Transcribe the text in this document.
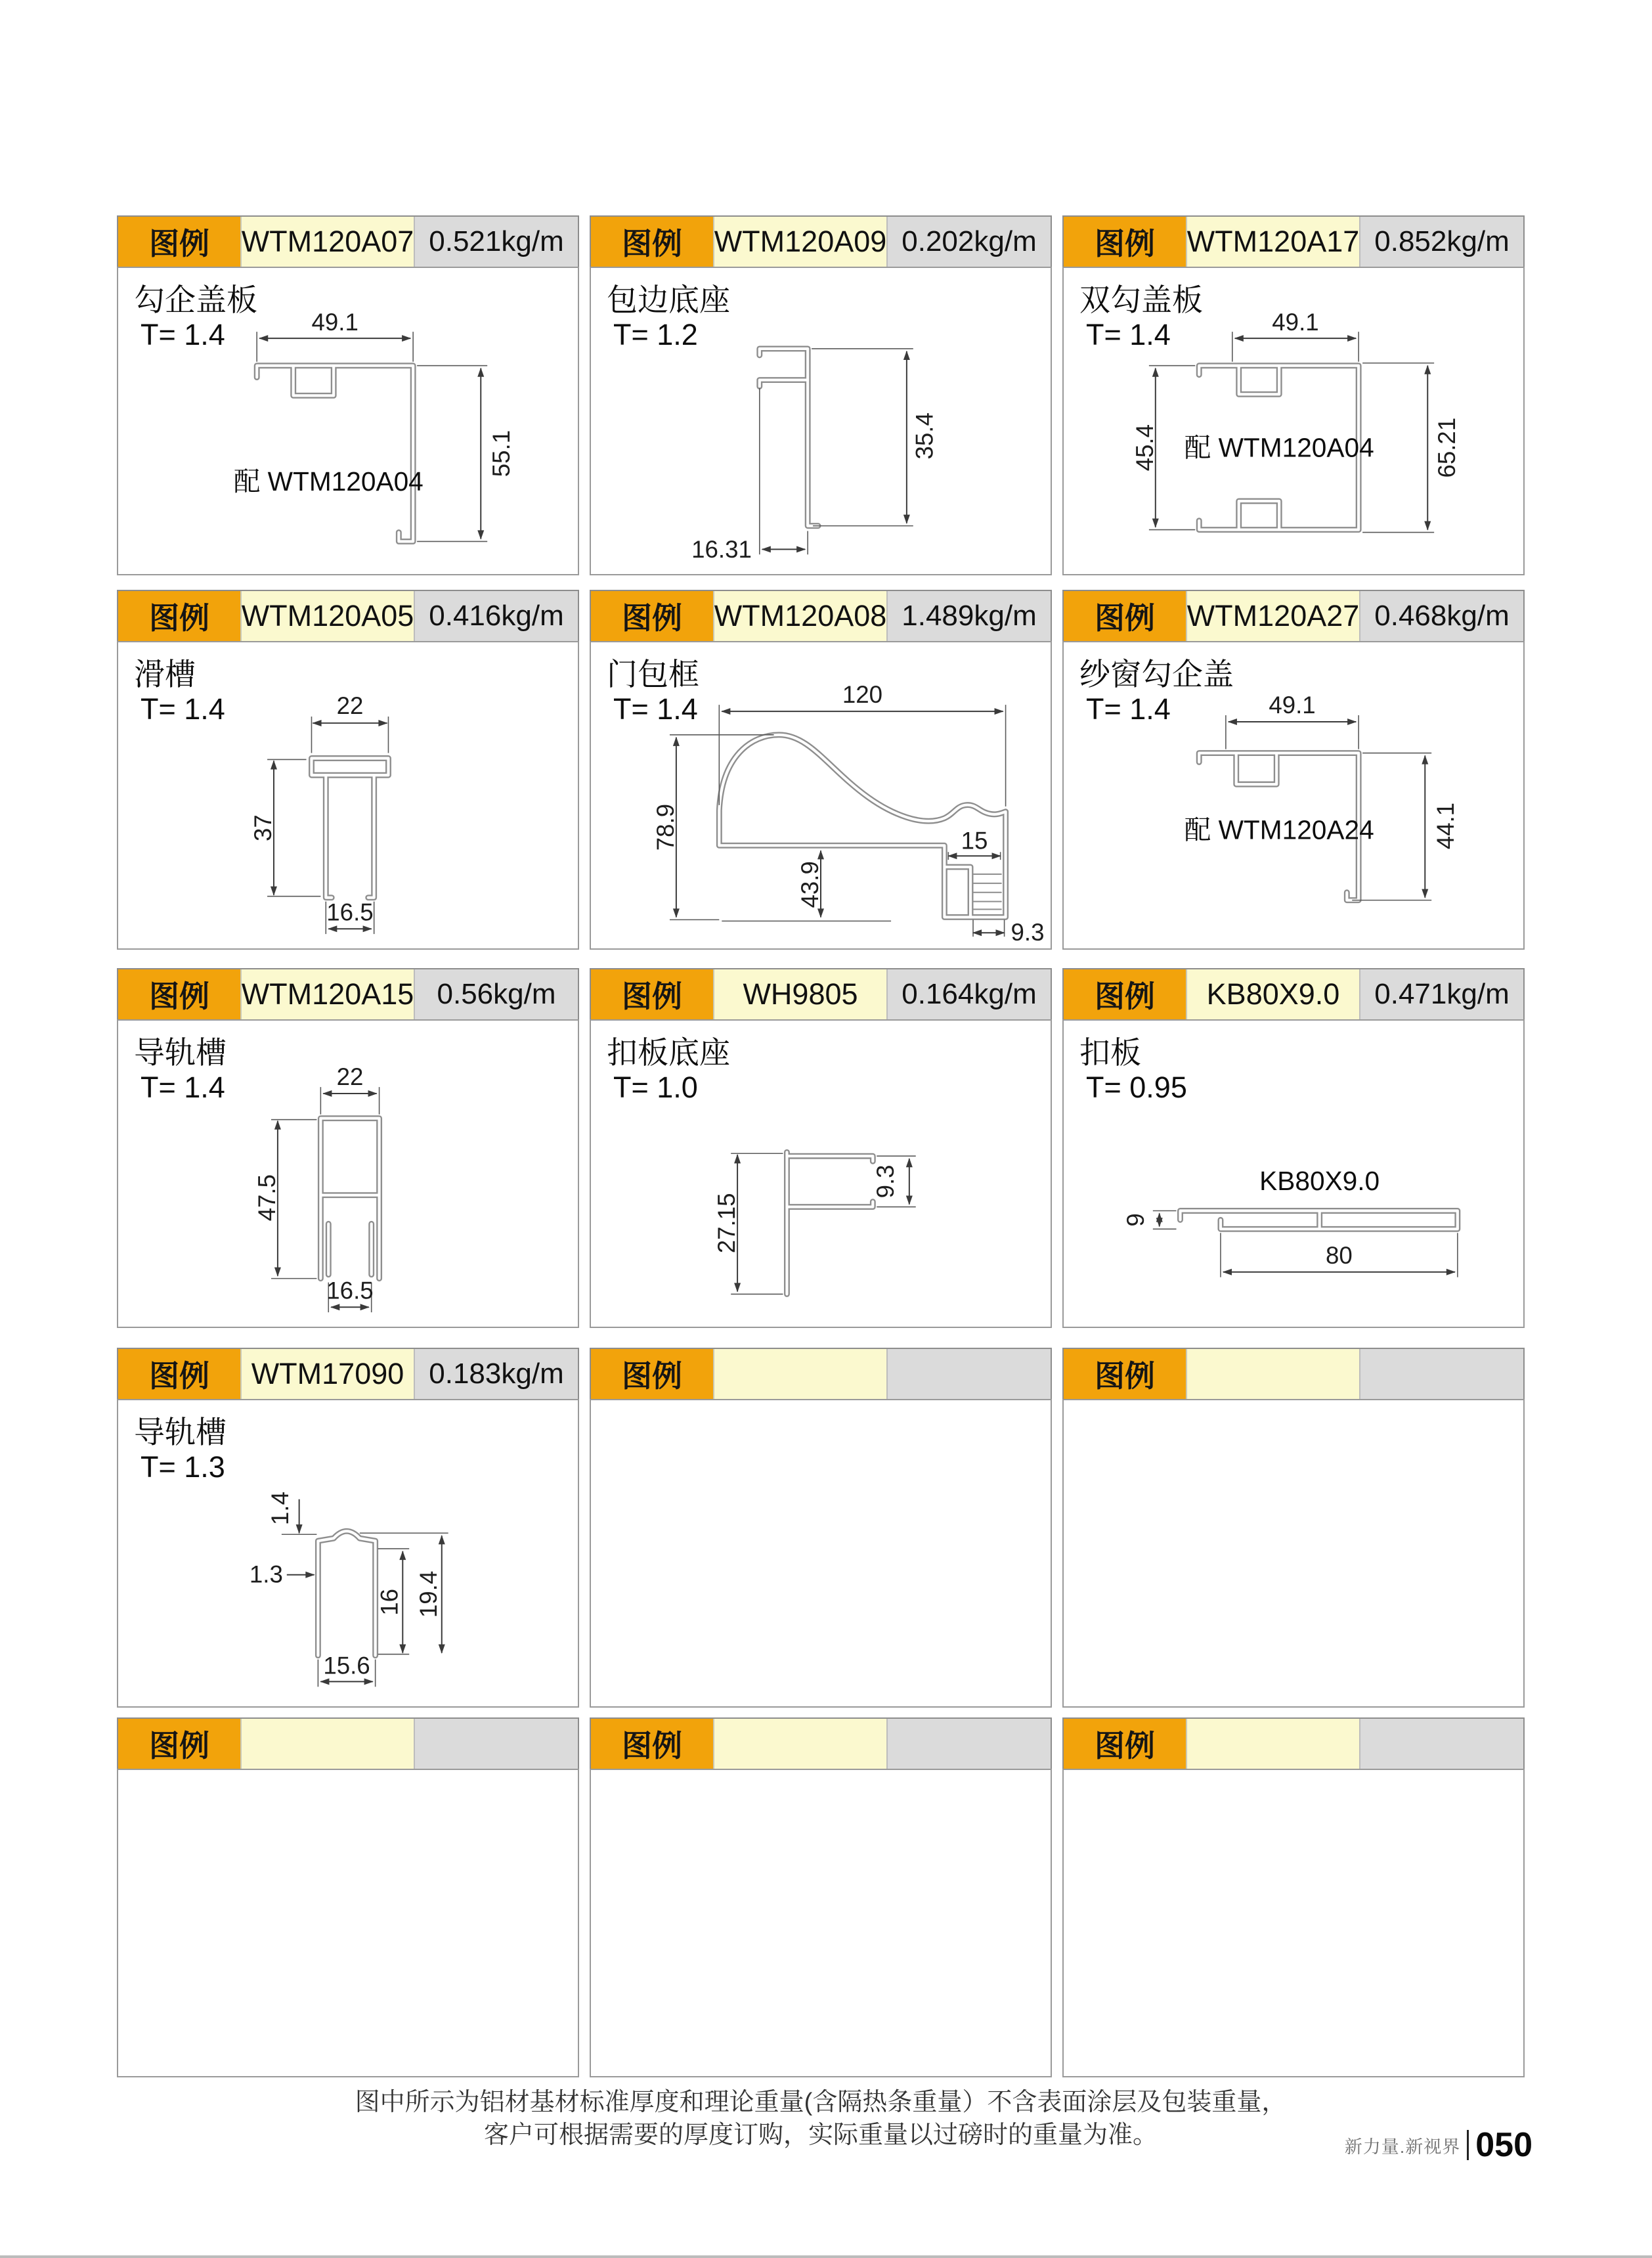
图例	WTM120A07 0.521kg/m
勾企盖板
T= 1.4	49.1
55.1
配 WTM120A04
图例	WTM120A09 0.202kg/m
包边底座
T= 1.2
35.4
16.31
图例	WTM120A17 0.852kg/m
双勾盖板
T= 1.4	49.1
45.4	65.21
配 WTM120A04
图例	WTM120A05 0.416kg/m
滑槽
T= 1.4	22
37
16.5
图例	WTM120A08 1.489kg/m
门包框
T= 1.4	120
78.9
43.9
15
9.3
图例	WTM120A27 0.468kg/m
纱窗勾企盖
T= 1.4	49.1
44.1
配 WTM120A24
图例	WTM120A15 0.56kg/m
导轨槽
T= 1.4	22
47.5
16.5
图例	WH9805	0.164kg/m
扣板底座
T= 1.0
9.3
27.15
图例	KB80X9.0	0.471kg/m
扣板
T= 0.95
9
80
KB80X9.0
图例	WTM17090 0.183kg/m
导轨槽
T= 1.3
1.4
1.3
16 19.4
15.6
图例	图例
图例	图例	图例
图中所示为铝材基材标准厚度和理论重量(含隔热条重量）不含表面涂层及包装重量，
客户可根据需要的厚度订购，实际重量以过磅时的重量为准。	新力量.新视界 050
